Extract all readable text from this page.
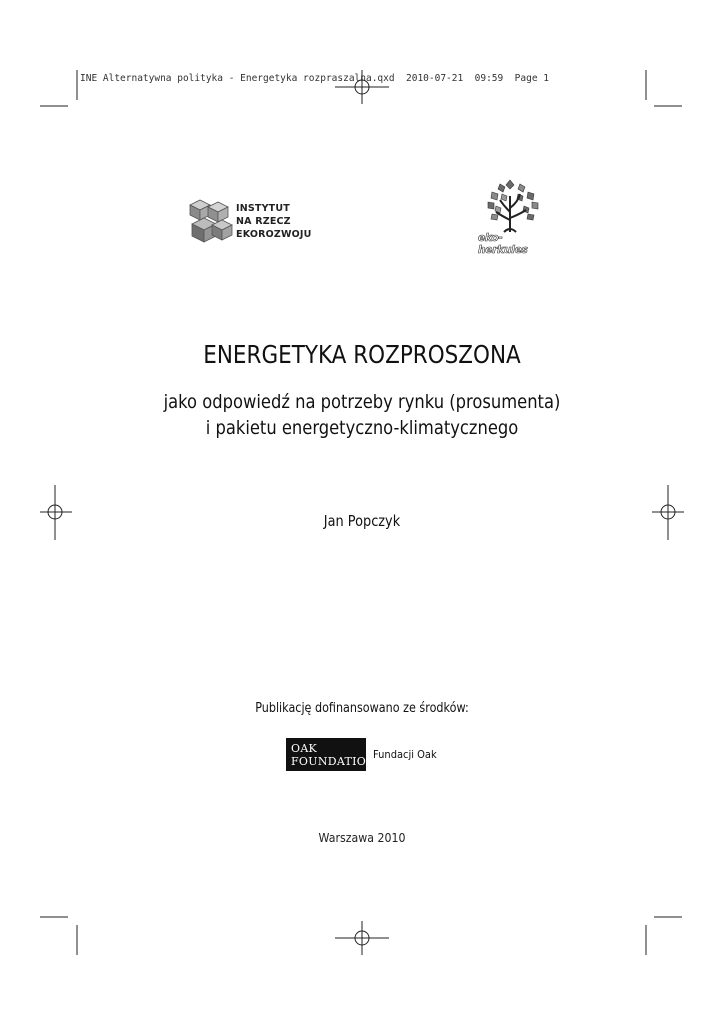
INE Alternatywna polityka - Energetyka rozpraszalna.qxd  2010-07-21  09:59  Page 1
INSTYTUT
NA RZECZ
EKOROZWOJU	eko-herkules
ENERGETYKA ROZPROSZONA
jako odpowiedź na potrzeby rynku (prosumenta)
i pakietu energetyczno-klimatycznego
Jan Popczyk
Publikację dofinansowano ze środków:
OAK
FOUNDATION
Fundacji Oak
Warszawa 2010
